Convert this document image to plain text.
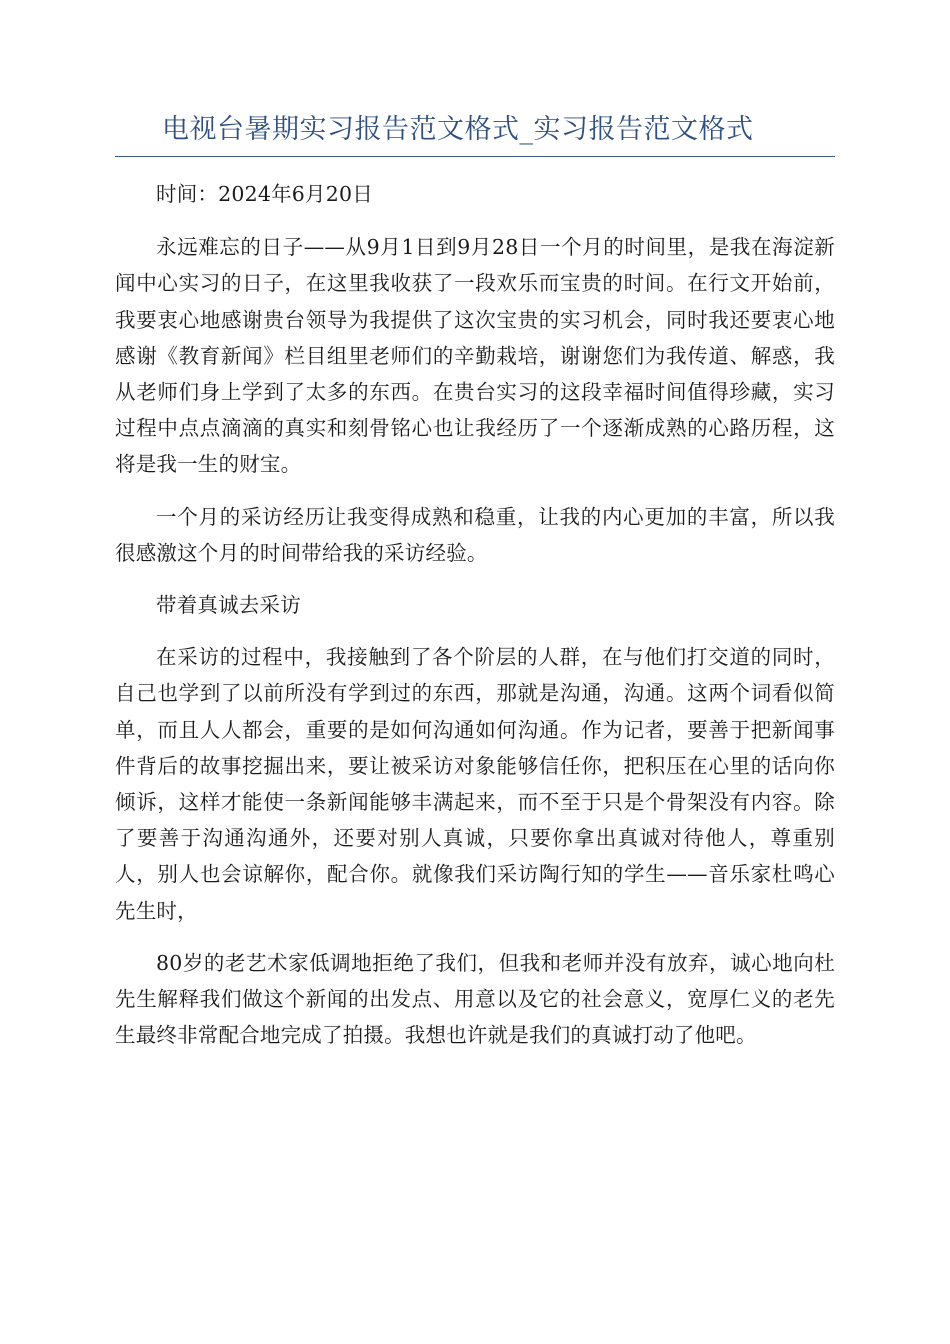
电视台暑期实习报告范文格式_实习报告范文格式

时间：2024年6月20日

永远难忘的日子——从9月1日到9月28日一个月的时间里，是我在海淀新闻中心实习的日子，在这里我收获了一段欢乐而宝贵的时间。在行文开始前，我要衷心地感谢贵台领导为我提供了这次宝贵的实习机会，同时我还要衷心地感谢《教育新闻》栏目组里老师们的辛勤栽培，谢谢您们为我传道、解惑，我从老师们身上学到了太多的东西。在贵台实习的这段幸福时间值得珍藏，实习过程中点点滴滴的真实和刻骨铭心也让我经历了一个逐渐成熟的心路历程，这将是我一生的财宝。

一个月的采访经历让我变得成熟和稳重，让我的内心更加的丰富，所以我很感激这个月的时间带给我的采访经验。

带着真诚去采访

在采访的过程中，我接触到了各个阶层的人群，在与他们打交道的同时，自己也学到了以前所没有学到过的东西，那就是沟通，沟通。这两个词看似简单，而且人人都会，重要的是如何沟通如何沟通。作为记者，要善于把新闻事件背后的故事挖掘出来，要让被采访对象能够信任你，把积压在心里的话向你倾诉，这样才能使一条新闻能够丰满起来，而不至于只是个骨架没有内容。除了要善于沟通沟通外，还要对别人真诚，只要你拿出真诚对待他人，尊重别人，别人也会谅解你，配合你。就像我们采访陶行知的学生——音乐家杜鸣心先生时，

80岁的老艺术家低调地拒绝了我们，但我和老师并没有放弃，诚心地向杜先生解释我们做这个新闻的出发点、用意以及它的社会意义，宽厚仁义的老先生最终非常配合地完成了拍摄。我想也许就是我们的真诚打动了他吧。
